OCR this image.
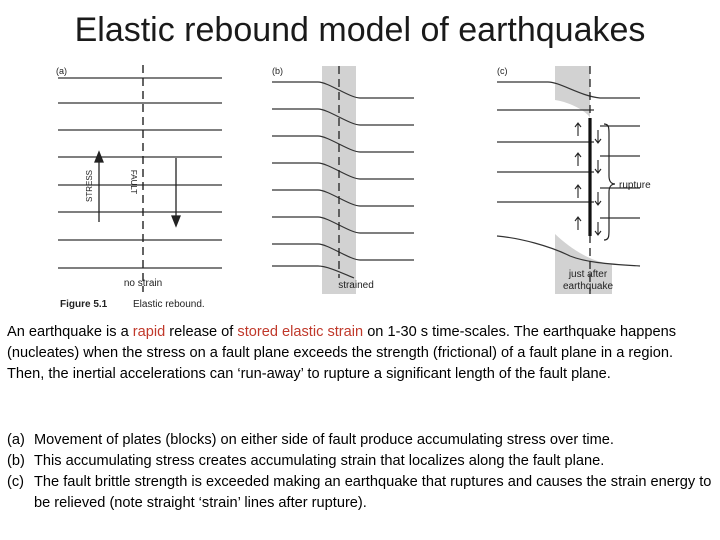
Elastic rebound model of earthquakes
STRESS	FAULT
(a)
no strain
(b)
strained
rupture
(c)
just after
earthquake
Figure 5.1	Elastic rebound.
An earthquake is a rapid release of stored elastic strain on 1-30 s time-scales. The earthquake happens (nucleates) when the stress on a fault plane exceeds the strength (frictional) of a fault plane in a region. Then, the inertial accelerations can ‘run-away’ to rupture a significant length of the fault plane.
(a) Movement of plates (blocks) on either side of fault produce accumulating stress over time.
(b) This accumulating stress creates accumulating strain that localizes along the fault plane.
(c) The fault brittle strength is exceeded making an earthquake that ruptures and causes the strain energy to be relieved (note straight ‘strain’ lines after rupture).
